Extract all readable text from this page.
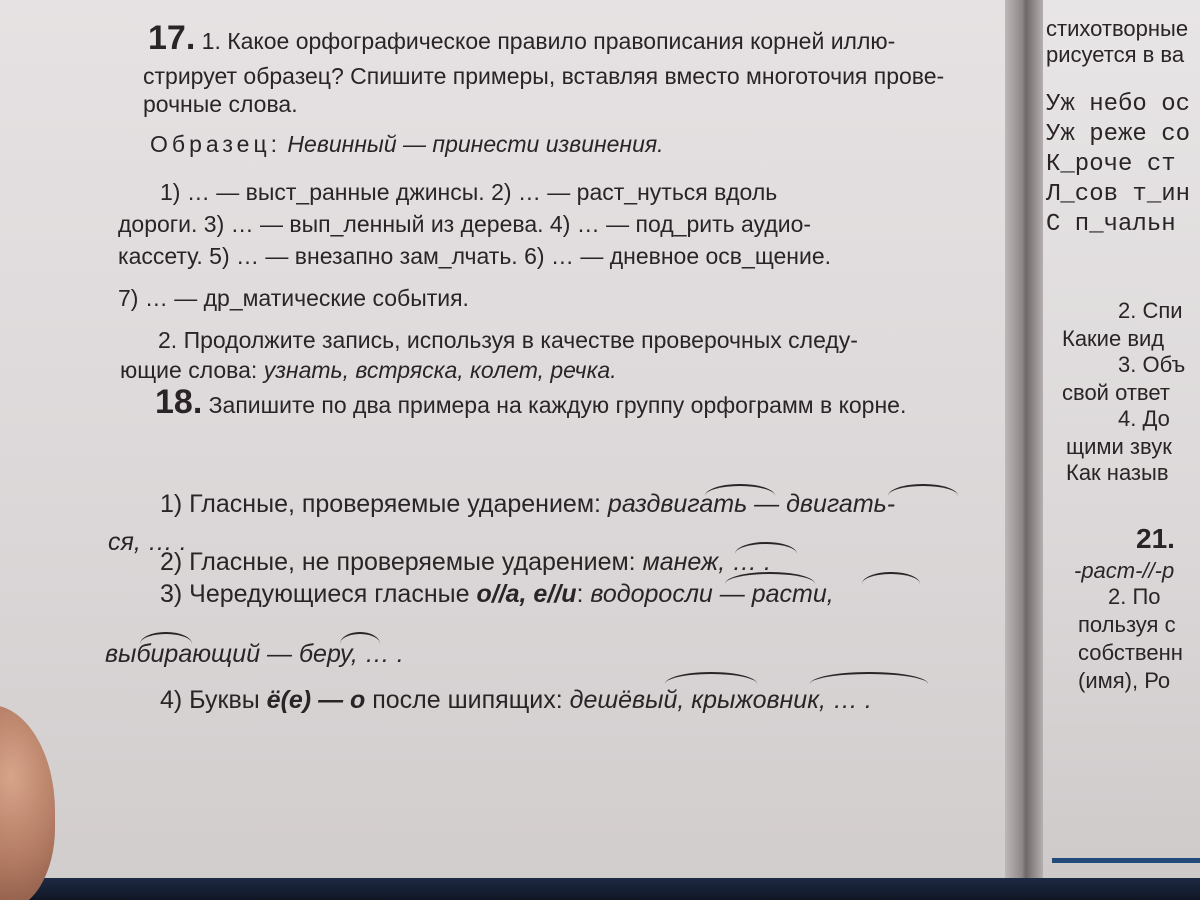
17. 1. Какое орфографическое правило правописания корней иллю-
стрирует образец? Спишите примеры, вставляя вместо многоточия прове-
рочные слова.
Образец: Невинный — принести извинения.
1) … — выст_ранные джинсы. 2) … — раст_нуться вдоль
дороги. 3) … — вып_ленный из дерева. 4) … — под_рить аудио-
кассету. 5) … — внезапно зам_лчать. 6) … — дневное осв_щение.
7) … — др_матические события.
2. Продолжите запись, используя в качестве проверочных следу-
ющие слова: узнать, встряска, колет, речка.
18. Запишите по два примера на каждую группу орфограмм в корне.
1) Гласные, проверяемые ударением: раздвигать — двигать-
ся, … .
2) Гласные, не проверяемые ударением: манеж, … .
3) Чередующиеся гласные о//а, е//и: водоросли — расти,
выбирающий — беру, … .
4) Буквы ё(е) — о после шипящих: дешёвый, крыжовник, … .
стихотворные
рисуется в ва
Уж небо ос
Уж реже со
К_роче ст
Л_сов т_ин
С п_чальн
2. Спи
Какие вид
3. Объ
свой ответ
4. До
щими звук
Как назыв
21.
-раст-//-р
2. По
пользуя с
собственн
(имя), Ро
